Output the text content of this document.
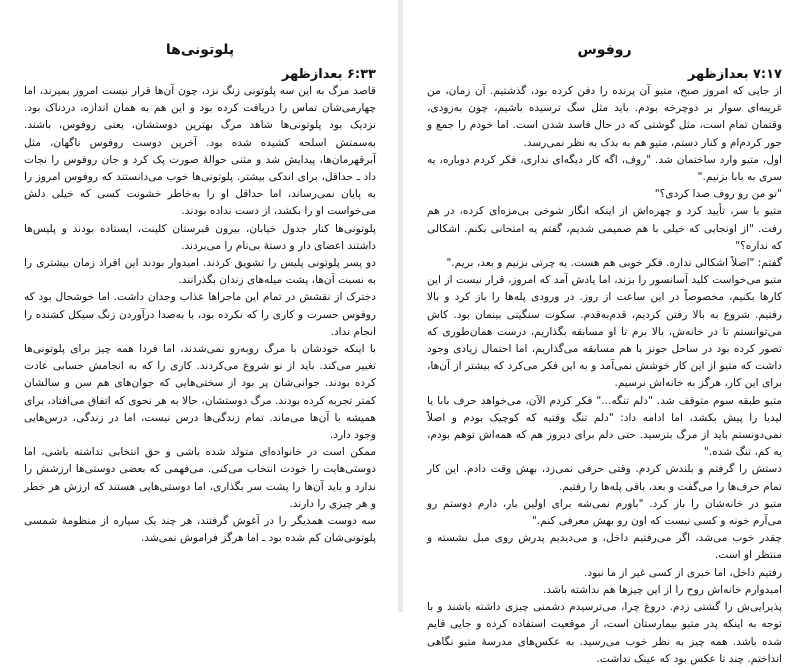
پلوتونی‌ها
۶:۳۳ بعدازظهر

قاصد مرگ به این سه پلوتونی زنگ نزد، چون آن‌ها قرار نیست امروز بمیرند، اما چهارمی‌شان تماس را دریافت کرده بود و این هم به همان اندازه، دردناک بود. نزدیک بود پلوتونی‌ها شاهد مرگ بهترین دوستشان، یعنی روفوس، باشند. به‌سمتش اسلحه کشیده شده بود. آخرین دوست روفوس ناگهان، مثل آبرقهرمان‌ها، پیدایش شد و مثنی حوالهٔ صورت پک کرد و جان روفوس را نجات داد ـ حداقل، برای اندکی بیشتر. پلوتونی‌ها خوب می‌دانستند که روفوس امروز را به پایان نمی‌رساند، اما حداقل او را به‌خاطر خشونت کسی که خیلی دلش می‌خواست او را بکشد، از دست نداده بودند.

پلوتونی‌ها کنار جدول خیابان، بیرون قبرستان کلینت، ایستاده بودند و پلیس‌ها داشتند اعضای دار و دستهٔ بی‌نام را می‌بردند.

دو پسر پلوتونی پلیس را تشویق کردند. امیدوار بودند این افراد زمان بیشتری را به نسبت آن‌ها، پشت میله‌های زندان بگذرانند.

دخترک از نقشش در تمام این ماجراها عذاب وجدان داشت. اما خوشحال بود که روفوس حسرت و کاری را که نکرده بود، با به‌صدا درآوردن زنگ سیکل کشنده را انجام نداد.

با اینکه خودشان با مرگ روبه‌رو نمی‌شدند، اما فردا همه چیز برای پلوتونی‌ها تغییر می‌کند. باید از نو شروع می‌کردند. کاری را که به انجامش حسابی عادت کرده بودند. جوانی‌شان پر بود از سختی‌هایی که جوان‌های هم سن و سالشان کمتر تجربه کرده بودند. مرگ دوستشان، حالا به هر نحوی که اتفاق می‌افتاد، برای همیشه با آن‌ها می‌ماند. تمام زندگی‌ها درس نیست، اما در زندگی، درس‌هایی وجود دارد.

ممکن است در خانواده‌ای متولد شده باشی و حق انتخابی نداشته باشی، اما دوستی‌هایت را خودت انتخاب می‌کنی. می‌فهمی که بعضی دوستی‌ها ارزشش را ندارد و باید آن‌ها را پشت سر بگذاری، اما دوستی‌هایی هستند که ارزش هر خطر و هر چیزی را دارند.

سه دوست همدیگر را در آغوش گرفتند، هر چند یک سیاره از منظومهٔ شمسی پلوتونی‌شان کم شده بود ـ اما هرگز فراموش نمی‌شد.

روفوس
۷:۱۷ بعدازظهر

از جایی که امروز صبح، متیو آن پرنده را دفن کرده بود، گذشتیم. آن زمان، من غریبه‌ای سوار بر دوچرخه بودم. باید مثل سگ ترسیده باشیم، چون به‌زودی، وقتمان تمام است، مثل گوشتی که در حال فاسد شدن است. اما خودم را جمع و جور کردم‌ام و کنار دستم، متیو هم به بدک به نظر نمی‌رسد.

اول، متیو وارد ساختمان شد. "روف، اگه کار دیگه‌ای نداری، فکر کردم دوباره، یه سری به بابا بزنیم."

"تو من رو روف صدا کردی؟"

متیو با سر، تأیید کرد و چهره‌اش از اینکه انگار شوخی بی‌مزه‌ای کرده، در هم رفت. "از اونجایی که خیلی با هم صمیمی شدیم، گفتم یه امتحانی بکنم. اشکالی که نداره؟"

گفتم: "اصلاً اشکالی نداره. فکر خوبی هم هست. یه چرتی بزنیم و بعد، بریم."

متیو می‌خواست کلید آسانسور را بزند، اما یادش آمد که امروز، قرار نیست از این کارها بکنیم، مخصوصاً در این ساعت از روز. در ورودی پله‌ها را باز کرد و بالا رفتیم. شروع به بالا رفتن کردیم، قدم‌به‌قدم. سکوت سنگینی بینمان بود. کاش می‌توانستم تا در خانه‌ش، بالا برم تا او مسابقه بگذاریم، درست همان‌طوری که تصور کرده بود در ساحل جونز با هم مسابقه می‌گذاریم، اما احتمال زیادی وجود داشت که متیو از این کار خوشش نمی‌آمد و به این فکر می‌کرد که بیشتر از آن‌ها، برای این کار، هرگز به خانه‌اش نرسیم.

متیو طبقه سوم متوقف شد. "دلم تنگه..." فکر کردم الآن، می‌خواهد حرف بابا یا لیدیا را پیش بکشد، اما ادامه داد: "دلم تنگ وقتیه که کوچیک بودم و اصلاً نمی‌دونستم باید از مرگ بترسید. حتی دلم برای دیروز هم که همه‌اش توهم بودم، یه کم، تنگ شده."

دستش را گرفتم و بلندش کردم. وقتی حرفی نمی‌زد، بهش وقت دادم. این کار تمام حرف‌ها را می‌گفت و بعد، باقی پله‌ها را رفتیم.

متیو در خانه‌شان را باز کرد. "باورم نمی‌شه برای اولین بار، دارم دوستم رو می‌آرم خونه و کسی نیست که اون رو بهش معرفی کنم."

چقدر خوب می‌شد، اگر می‌رفتیم داخل، و می‌دیدیم پدرش روی مبل نشسته و منتظر او است.

رفتیم داخل، اما خبری از کسی غیر از ما نبود.

امیدوارم خانه‌اش روح را از این چیزها هم نداشته باشد.

پذیرایی‌ش را گشتی زدم. دروغ چرا، می‌ترسیدم دشمنی چیزی داشته باشند و با توجه به اینکه پدر متیو بیمارستان است، از موقعیت استفاده کرده و جایی قایم شده باشد. همه چیز به نظر خوب می‌رسید. به عکس‌های مدرسهٔ متیو نگاهی انداختم. چند تا عکس بود که عینک نداشت.
